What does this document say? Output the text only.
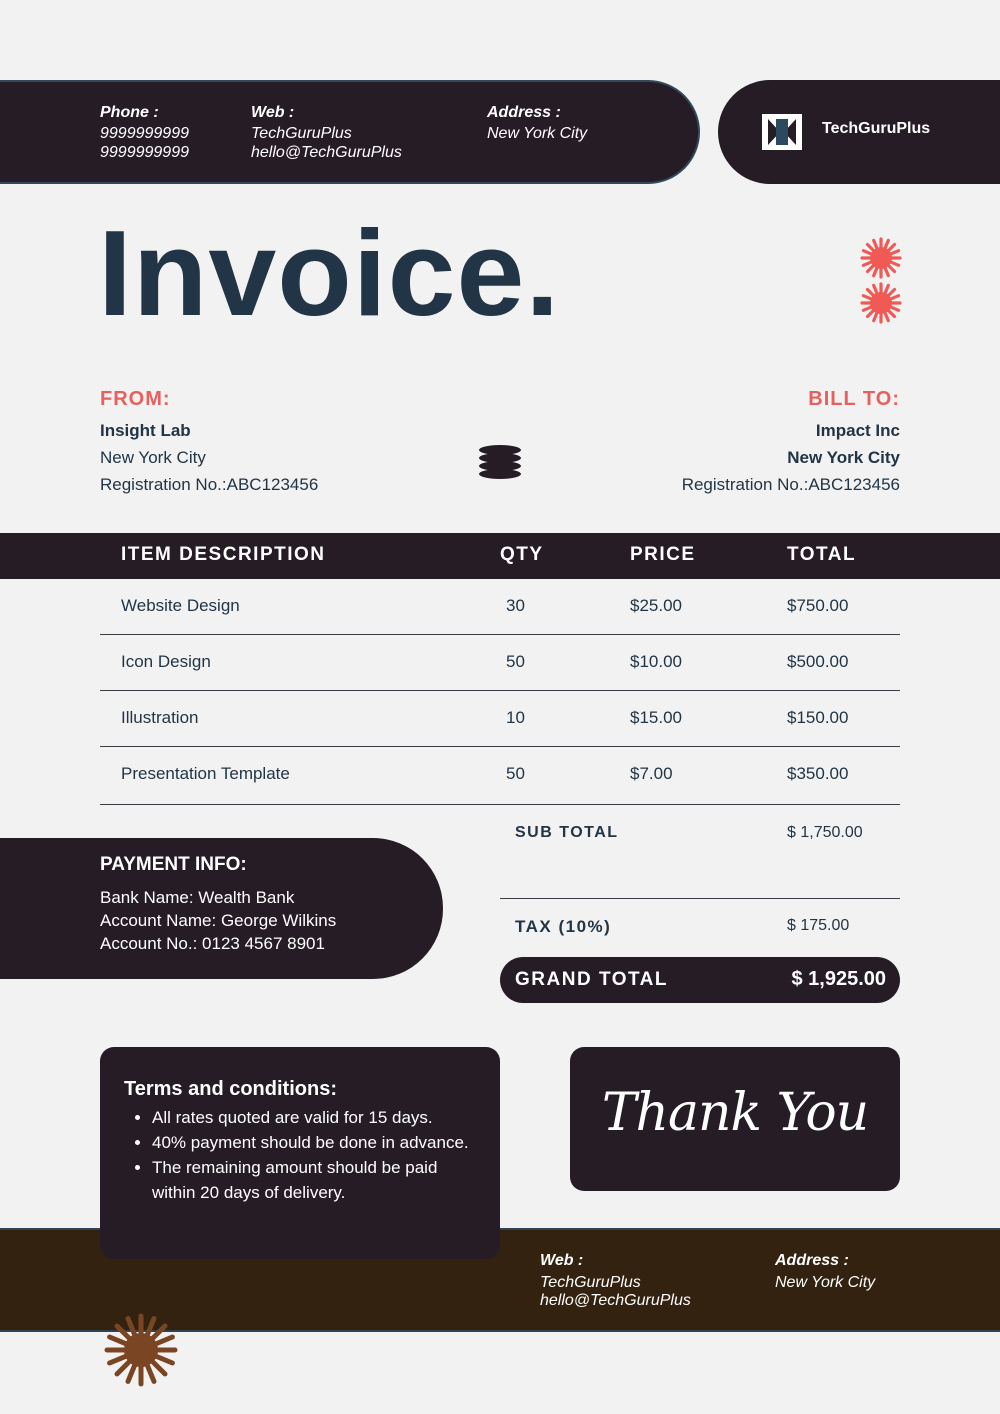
Phone :
9999999999
9999999999
Web :
TechGuruPlus
hello@TechGuruPlus
Address :
New York City	TechGuruPlus
Invoice.
FROM:
Insight Lab
New York City
Registration No.:ABC123456
BILL TO:
Impact Inc
New York City
Registration No.:ABC123456
ITEM DESCRIPTION	QTY	PRICE	TOTAL
Website Design	30	$25.00	$750.00
Icon Design	50	$10.00	$500.00
Illustration	10	$15.00	$150.00
Presentation Template	50	$7.00	$350.00
SUB TOTAL	$ 1,750.00
TAX (10%)	$ 175.00
GRAND TOTAL	$ 1,925.00
PAYMENT INFO:
Bank Name: Wealth Bank
Account Name: George Wilkins
Account No.: 0123 4567 8901
Web :
TechGuruPlus
hello@TechGuruPlus
Address :
New York City
Terms and conditions:
• All rates quoted are valid for 15 days.
• 40% payment should be done in advance.
• The remaining amount should be paid within 20 days of delivery.
Thank You
